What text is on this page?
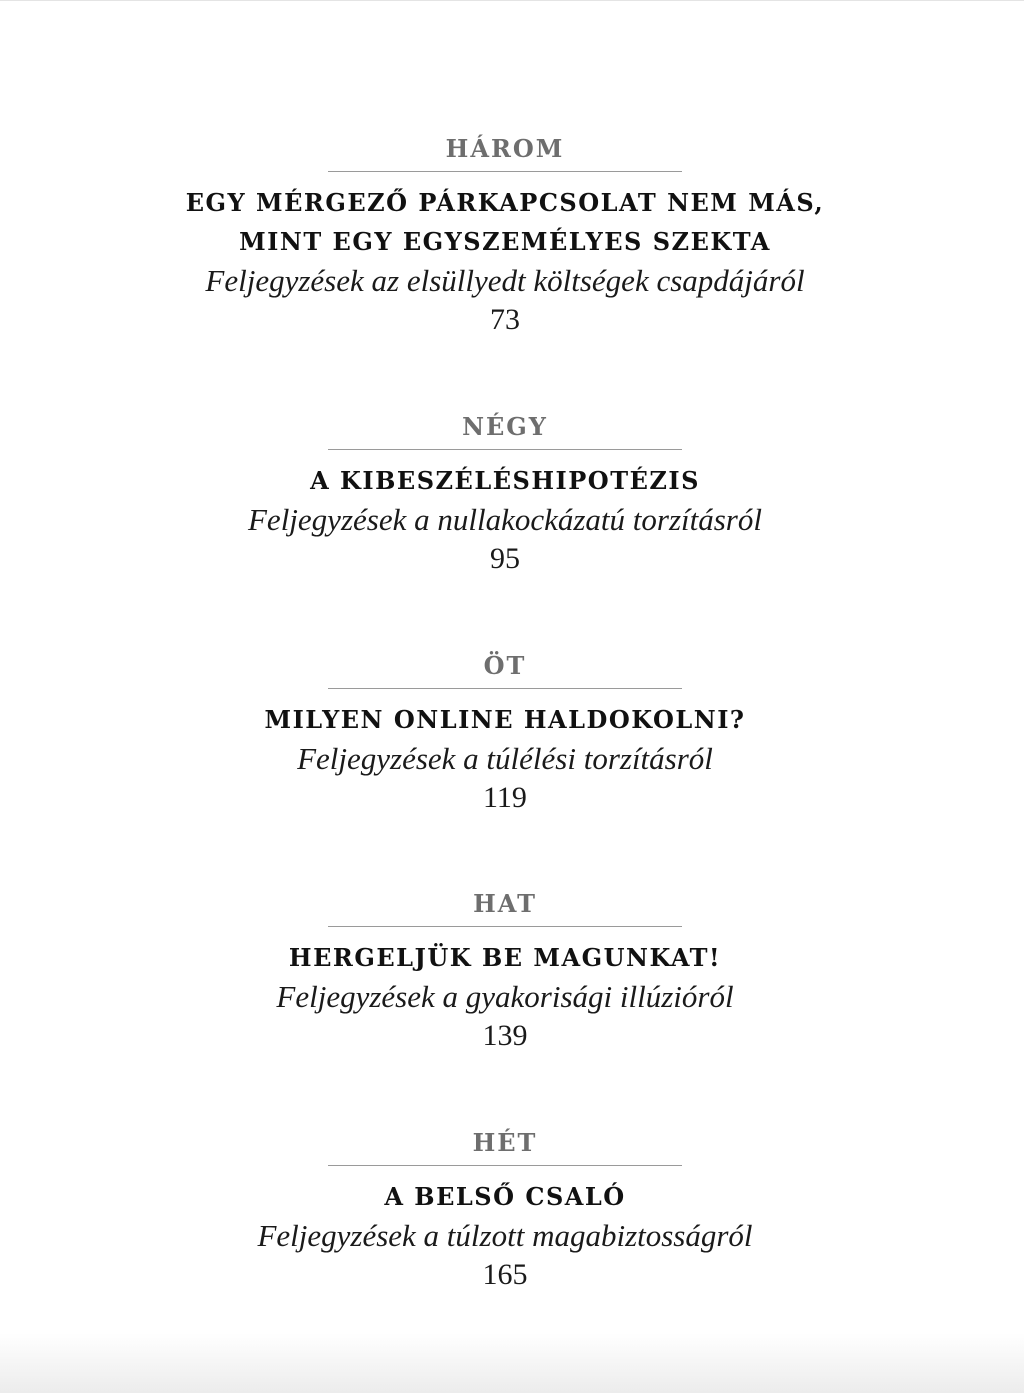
HÁROM
EGY MÉRGEZŐ PÁRKAPCSOLAT NEM MÁS,
MINT EGY EGYSZEMÉLYES SZEKTA
Feljegyzések az elsüllyedt költségek csapdájáról
73
NÉGY
A KIBESZÉLÉSHIPOTÉZIS
Feljegyzések a nullakockázatú torzításról
95
ÖT
MILYEN ONLINE HALDOKOLNI?
Feljegyzések a túlélési torzításról
119
HAT
HERGELJÜK BE MAGUNKAT!
Feljegyzések a gyakorisági illúzióról
139
HÉT
A BELSŐ CSALÓ
Feljegyzések a túlzott magabiztosságról
165
